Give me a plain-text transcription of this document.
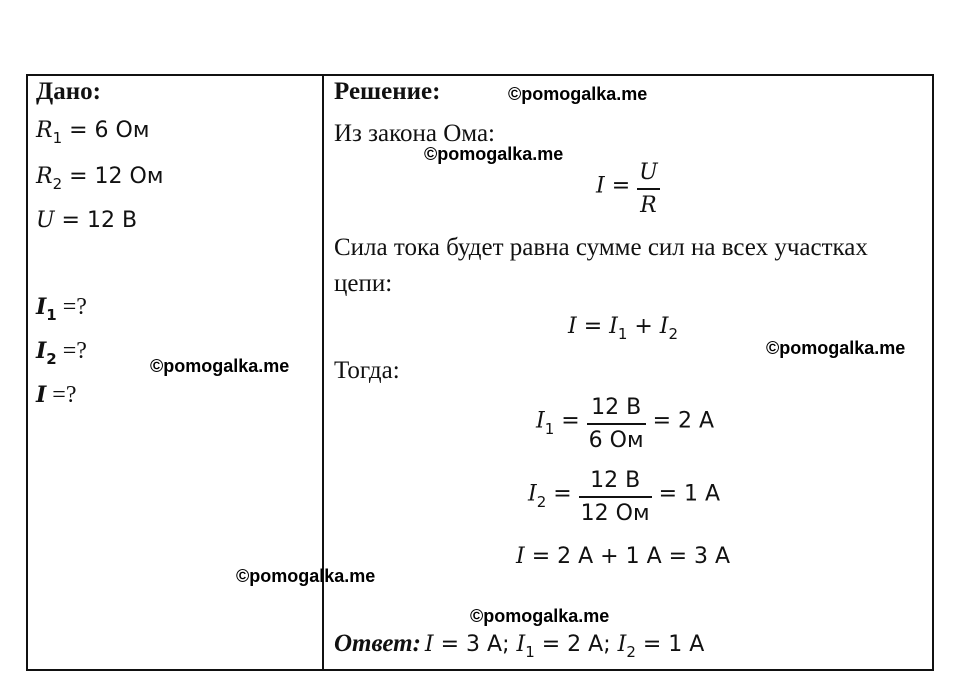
Дано:
R1 = 6 Ом
R2 = 12 Ом
U = 12 В
I1 =?
I2 =?
I =?
Решение:
Из закона Ома:
$I = \frac{U}{R}$
Сила тока будет равна сумме сил на всех участках
цепи:
I = I1 + I2
Тогда:
$I1 = \frac{12 В}{6 Ом} = 2$ А
$I2 = \frac{12 В}{12 Ом} = 1$ А
I = 2 А + 1 А = 3 А
Ответ: I = 3 А; I1 = 2 А; I2 = 1 А
©pomogalka.me
©pomogalka.me
©pomogalka.me
©pomogalka.me
©pomogalka.me
©pomogalka.me
